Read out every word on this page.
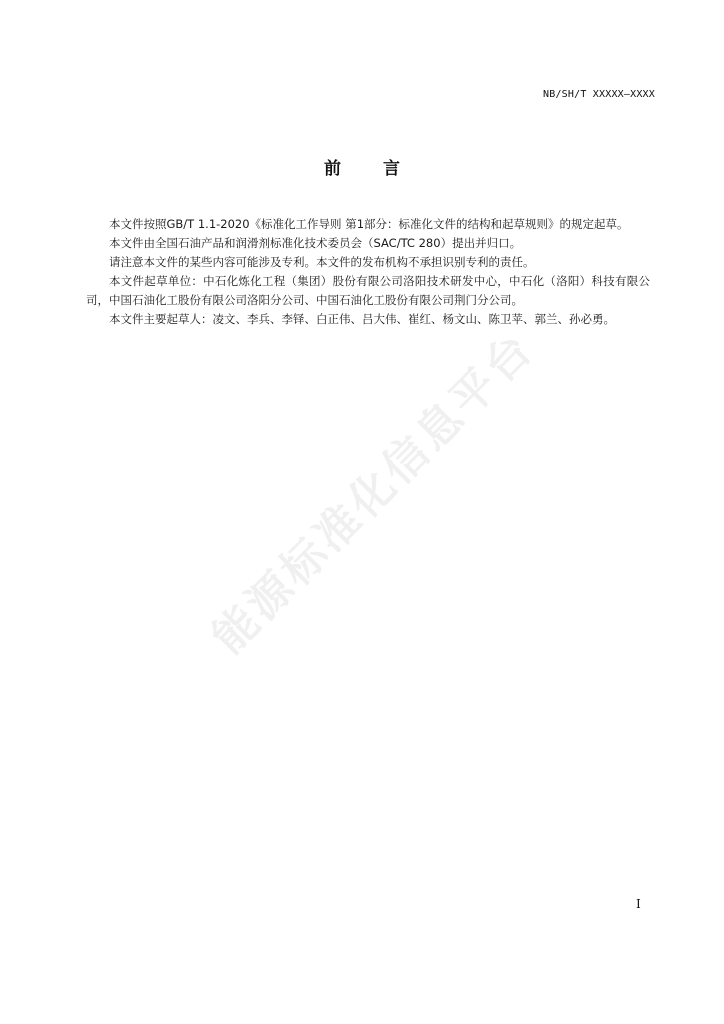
NB/SH/T XXXXX—XXXX
前 言

本文件按照GB/T 1.1-2020《标准化工作导则 第1部分：标准化文件的结构和起草规则》的规定起草。

本文件由全国石油产品和润滑剂标准化技术委员会（SAC/TC 280）提出并归口。

请注意本文件的某些内容可能涉及专利。本文件的发布机构不承担识别专利的责任。

本文件起草单位：中石化炼化工程（集团）股份有限公司洛阳技术研发中心，中石化（洛阳）科技有限公司，中国石油化工股份有限公司洛阳分公司、中国石油化工股份有限公司荆门分公司。

本文件主要起草人：凌文、李兵、李铎、白正伟、吕大伟、崔红、杨文山、陈卫苹、郭兰、孙必勇。

能源标准化信息平台
I
